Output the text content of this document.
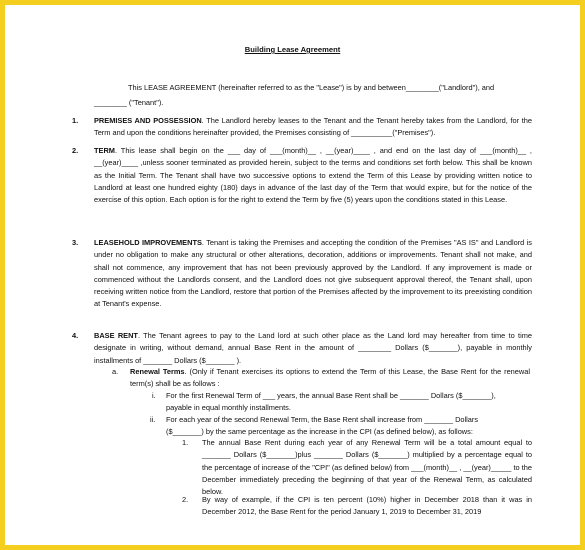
Building Lease Agreement
This LEASE AGREEMENT (hereinafter referred to as the "Lease") is by and between________("Landlord"), and
________ ("Tenant").
1. PREMISES AND POSSESSION. The Landlord hereby leases to the Tenant and the Tenant hereby takes from the Landlord, for the Term and upon the conditions hereinafter provided, the Premises consisting of __________("Premises").

2. TERM. This lease shall begin on the ___ day of ___(month)__ , __(year)____ , and end on the last day of ___(month)__ , __(year)____ ,unless sooner terminated as provided herein, subject to the terms and conditions set forth below. This shall be known as the Initial Term. The Tenant shall have two successive options to extend the Term of this Lease by providing written notice to Landlord at least one hundred eighty (180) days in advance of the last day of the Term that would expire, but for the notice of the exercise of this option. Each option is for the right to extend the Term by five (5) years upon the conditions stated in this Lease.

3. LEASEHOLD IMPROVEMENTS. Tenant is taking the Premises and accepting the condition of the Premises "AS IS" and Landlord is under no obligation to make any structural or other alterations, decoration, additions or improvements. Tenant shall not make, and shall not commence, any improvement that has not been previously approved by the Landlord. If any improvement is made or commenced without the Landlords consent, and the Landlord does not give subsequent approval thereof, the Tenant shall, upon receiving written notice from the Landlord, restore that portion of the Premises affected by the improvement to its preexisting condition at Tenant's expense.

4. BASE RENT. The Tenant agrees to pay to the Land lord at such other place as the Land lord may hereafter from time to time designate in writing, without demand, annual Base Rent in the amount of ________ Dollars ($_______), payable in monthly installments of _______ Dollars ($_______ ).

a.	Renewal Terms. (Only if Tenant exercises its options to extend the Term of this Lease, the Base Rent for the renewal term(s) shall be as follows :

i.	For the first Renewal Term of ___ years, the annual Base Rent shall be _______ Dollars ($_______), payable in equal monthly installments.

ii.	For each year of the second Renewal Term, the Base Rent shall increase from _______ Dollars ($_______) by the same percentage as the increase in the CPI (as defined below), as follows:

1.	The annual Base Rent during each year of any Renewal Term will be a total amount equal to _______ Dollars ($_______)plus _______ Dollars ($_______) multiplied by a percentage equal to the percentage of increase of the "CPI" (as defined below) from ___(month)__ , __(year)_____ to the December immediately preceding the beginning of that year of the Renewal Term, as calculated below.

2.	By way of example, if the CPI is ten percent (10%) higher in December 2018 than it was in December 2012, the Base Rent for the period January 1, 2019 to December 31, 2019
